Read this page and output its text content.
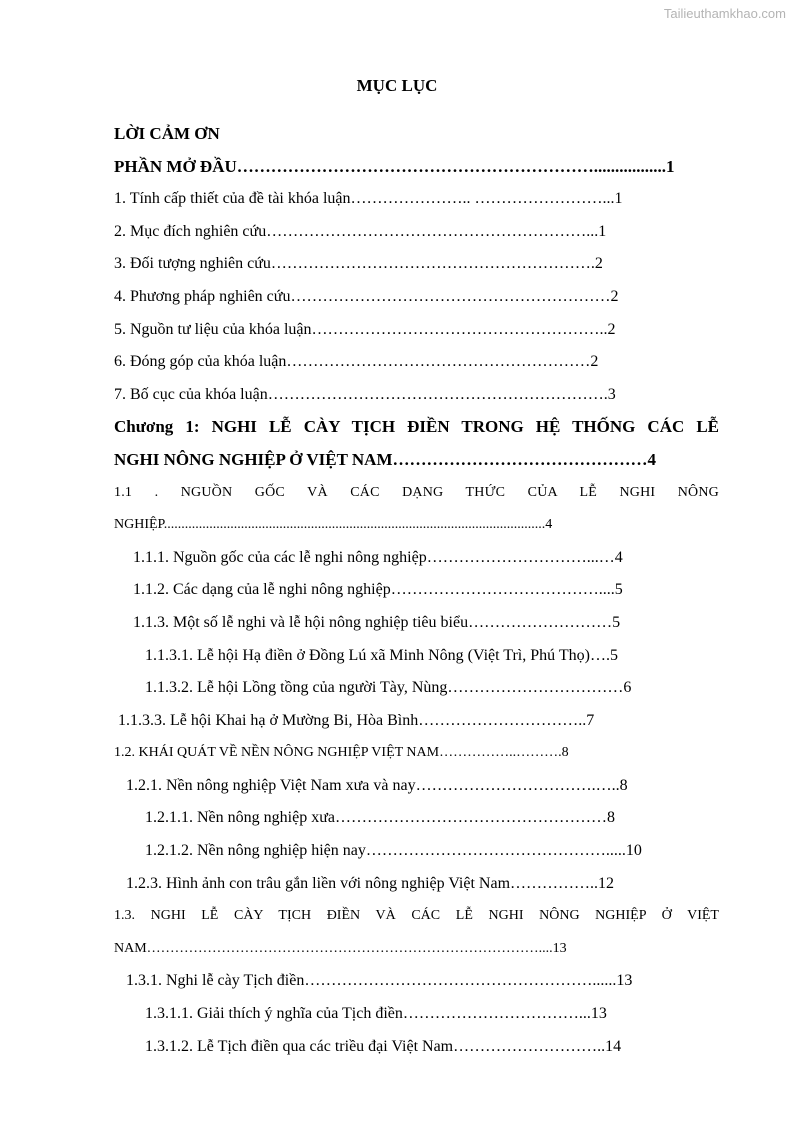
Tailieuthamkhao.com
MỤC LỤC
LỜI CẢM ƠN
PHẦN MỞ ĐẦU……………………………………………………….................1
1. Tính cấp thiết của đề tài khóa luận………………….. ……………………...1
2. Mục đích nghiên cứu……………………………………………………...1
3. Đối tượng nghiên cứu…………………………………………………….2
4. Phương pháp nghiên cứu……………………………………………………2
5. Nguồn tư liệu của khóa luận………………………………………………..2
6. Đóng góp của khóa luận…………………………………………………2
7. Bố cục của khóa luận……………………………………………………….3
Chương 1: NGHI LỄ CÀY TỊCH ĐIỀN TRONG HỆ THỐNG CÁC LỄ
NGHI NÔNG NGHIỆP Ở VIỆT NAM………………………………………4
1.1 . NGUỒN GỐC VÀ CÁC DẠNG THỨC CỦA LỄ NGHI NÔNG
NGHIỆP.............................................................................................................4
1.1.1. Nguồn gốc của các lễ nghi nông nghiệp…………………………...…4
1.1.2. Các dạng của lễ nghi nông nghiệp…………………………………....5
1.1.3. Một số lễ nghi và lễ hội nông nghiệp tiêu biểu………………………5
1.1.3.1. Lễ hội Hạ điền ở Đồng Lú xã Minh Nông (Việt Trì, Phú Thọ)….5
1.1.3.2. Lễ hội Lồng tồng của người Tày, Nùng……………………………6
1.1.3.3. Lễ hội Khai hạ ở Mường Bi, Hòa Bình…………………………..7
1.2. KHÁI QUÁT VỀ NỀN NÔNG NGHIỆP VIỆT NAM……………..……….8
1.2.1. Nền nông nghiệp Việt Nam xưa và nay…………………………….…..8
1.2.1.1. Nền nông nghiệp xưa……………………………………………8
1.2.1.2. Nền nông nghiệp hiện nay……………………………………….....10
1.2.3. Hình ảnh con trâu gắn liền với nông nghiệp Việt Nam……………..12
1.3. NGHI LỄ CÀY TỊCH ĐIỀN VÀ CÁC LỄ NGHI NÔNG NGHIỆP Ở VIỆT
NAM…………………………………………………………………………....13
1.3.1. Nghi lễ cày Tịch điền………………………………………………......13
1.3.1.1. Giải thích ý nghĩa của Tịch điền……………………………...13
1.3.1.2. Lễ Tịch điền qua các triều đại Việt Nam………………………..14
